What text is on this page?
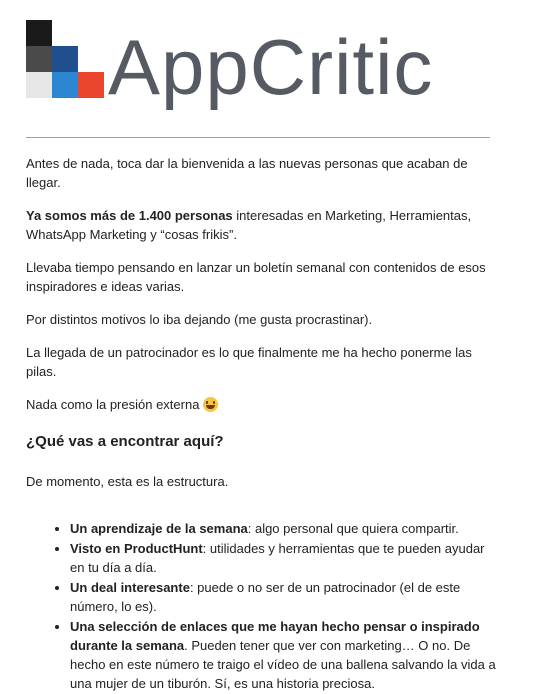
AppCritic

Antes de nada, toca dar la bienvenida a las nuevas personas que acaban de llegar.

Ya somos más de 1.400 personas interesadas en Marketing, Herramientas, WhatsApp Marketing y “cosas frikis”.

Llevaba tiempo pensando en lanzar un boletín semanal con contenidos de esos inspiradores e ideas varias.

Por distintos motivos lo iba dejando (me gusta procrastinar).

La llegada de un patrocinador es lo que finalmente me ha hecho ponerme las pilas.

Nada como la presión externa

¿Qué vas a encontrar aquí?

De momento, esta es la estructura.

• Un aprendizaje de la semana: algo personal que quiera compartir.
• Visto en ProductHunt: utilidades y herramientas que te pueden ayudar en tu día a día.
• Un deal interesante: puede o no ser de un patrocinador (el de este número, lo es).
• Una selección de enlaces que me hayan hecho pensar o inspirado durante la semana. Pueden tener que ver con marketing… O no. De hecho en este número te traigo el vídeo de una ballena salvando la vida a una mujer de un tiburón. Sí, es una historia preciosa.
